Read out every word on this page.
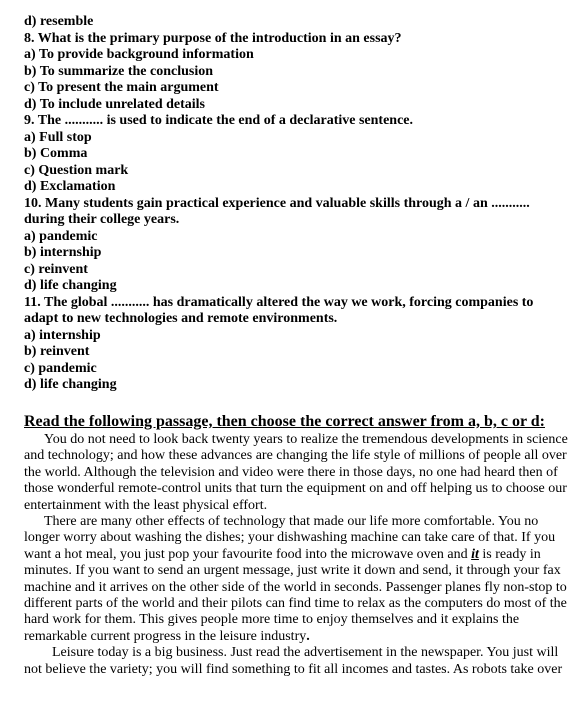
d) resemble
8. What is the primary purpose of the introduction in an essay?
a) To provide background information
b) To summarize the conclusion
c) To present the main argument
d) To include unrelated details
9. The ........... is used to indicate the end of a declarative sentence.
a) Full stop
b) Comma
c) Question mark
d) Exclamation
10. Many students gain practical experience and valuable skills through a / an ........... during their college years.
a) pandemic
b) internship
c) reinvent
d) life changing
11. The global ........... has dramatically altered the way we work, forcing companies to adapt to new technologies and remote environments.
a) internship
b) reinvent
c) pandemic
d) life changing
Read the following passage, then choose the correct answer from a, b, c or d:

You do not need to look back twenty years to realize the tremendous developments in science and technology; and how these advances are changing the life style of millions of people all over the world. Although the television and video were there in those days, no one had heard then of those wonderful remote-control units that turn the equipment on and off helping us to choose our entertainment with the least physical effort.

There are many other effects of technology that made our life more comfortable. You no longer worry about washing the dishes; your dishwashing machine can take care of that. If you want a hot meal, you just pop your favourite food into the microwave oven and it is ready in minutes. If you want to send an urgent message, just write it down and send, it through your fax machine and it arrives on the other side of the world in seconds. Passenger planes fly non-stop to different parts of the world and their pilots can find time to relax as the computers do most of the hard work for them. This gives people more time to enjoy themselves and it explains the remarkable current progress in the leisure industry.

Leisure today is a big business. Just read the advertisement in the newspaper. You just will not believe the variety; you will find something to fit all incomes and tastes. As robots take over
